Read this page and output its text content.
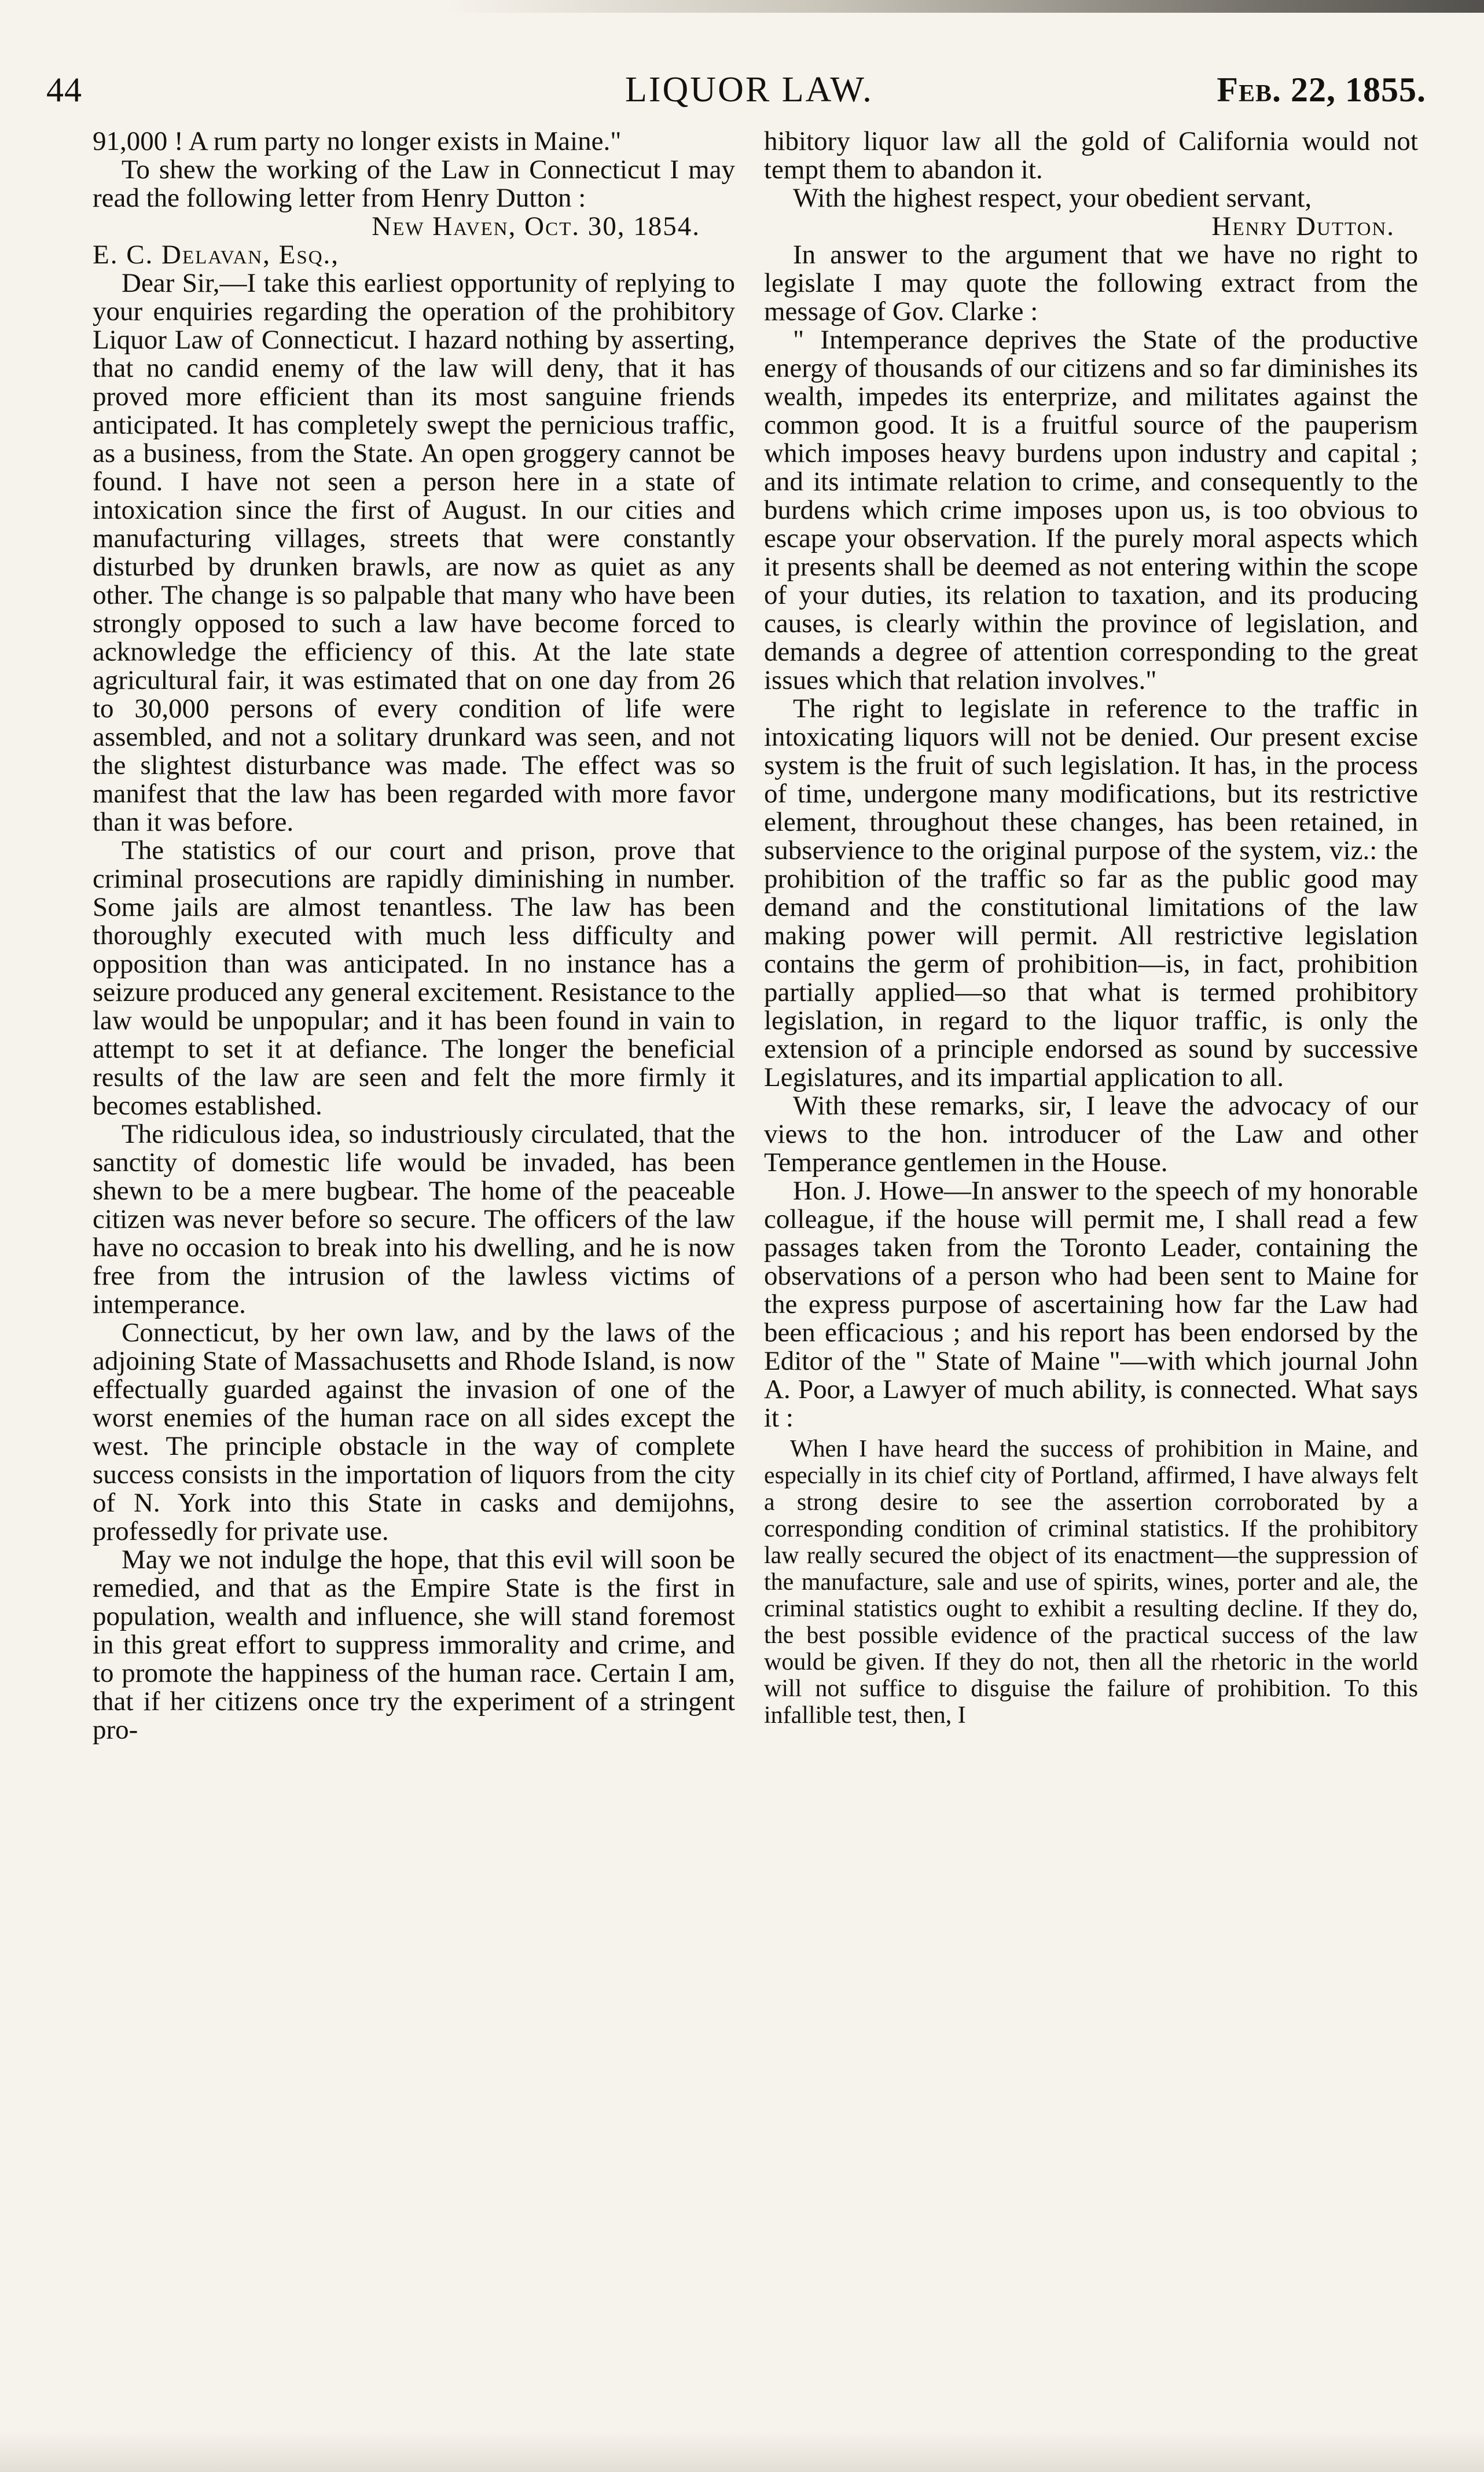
44	LIQUOR LAW.	Feb. 22, 1855.

91,000 ! A rum party no longer exists in Maine."

To shew the working of the Law in Connecticut I may read the following letter from Henry Dutton :

New Haven, Oct. 30, 1854.

E. C. Delavan, Esq.,

Dear Sir,—I take this earliest opportunity of replying to your enquiries regarding the operation of the prohibitory Liquor Law of Connecticut. I hazard nothing by asserting, that no candid enemy of the law will deny, that it has proved more efficient than its most sanguine friends anticipated. It has completely swept the pernicious traffic, as a business, from the State. An open groggery cannot be found. I have not seen a person here in a state of intoxication since the first of August. In our cities and manufacturing villages, streets that were constantly disturbed by drunken brawls, are now as quiet as any other. The change is so palpable that many who have been strongly opposed to such a law have become forced to acknowledge the efficiency of this. At the late state agricultural fair, it was estimated that on one day from 26 to 30,000 persons of every condition of life were assembled, and not a solitary drunkard was seen, and not the slightest disturbance was made. The effect was so manifest that the law has been regarded with more favor than it was before.

The statistics of our court and prison, prove that criminal prosecutions are rapidly diminishing in number. Some jails are almost tenantless. The law has been thoroughly executed with much less difficulty and opposition than was anticipated. In no instance has a seizure produced any general excitement. Resistance to the law would be unpopular; and it has been found in vain to attempt to set it at defiance. The longer the beneficial results of the law are seen and felt the more firmly it becomes established.

The ridiculous idea, so industriously circulated, that the sanctity of domestic life would be invaded, has been shewn to be a mere bugbear. The home of the peaceable citizen was never before so secure. The officers of the law have no occasion to break into his dwelling, and he is now free from the intrusion of the lawless victims of intemperance.

Connecticut, by her own law, and by the laws of the adjoining State of Massachusetts and Rhode Island, is now effectually guarded against the invasion of one of the worst enemies of the human race on all sides except the west. The principle obstacle in the way of complete success consists in the importation of liquors from the city of N. York into this State in casks and demijohns, professedly for private use.

May we not indulge the hope, that this evil will soon be remedied, and that as the Empire State is the first in population, wealth and influence, she will stand foremost in this great effort to suppress immorality and crime, and to promote the happiness of the human race. Certain I am, that if her citizens once try the experiment of a stringent pro-

hibitory liquor law all the gold of California would not tempt them to abandon it.

With the highest respect, your obedient servant,

Henry Dutton.

In answer to the argument that we have no right to legislate I may quote the following extract from the message of Gov. Clarke :

" Intemperance deprives the State of the productive energy of thousands of our citizens and so far diminishes its wealth, impedes its enterprize, and militates against the common good. It is a fruitful source of the pauperism which imposes heavy burdens upon industry and capital ; and its intimate relation to crime, and consequently to the burdens which crime imposes upon us, is too obvious to escape your observation. If the purely moral aspects which it presents shall be deemed as not entering within the scope of your duties, its relation to taxation, and its producing causes, is clearly within the province of legislation, and demands a degree of attention corresponding to the great issues which that relation involves."

The right to legislate in reference to the traffic in intoxicating liquors will not be denied. Our present excise system is the fruit of such legislation. It has, in the process of time, undergone many modifications, but its restrictive element, throughout these changes, has been retained, in subservience to the original purpose of the system, viz.: the prohibition of the traffic so far as the public good may demand and the constitutional limitations of the law making power will permit. All restrictive legislation contains the germ of prohibition—is, in fact, prohibition partially applied—so that what is termed prohibitory legislation, in regard to the liquor traffic, is only the extension of a principle endorsed as sound by successive Legislatures, and its impartial application to all.

With these remarks, sir, I leave the advocacy of our views to the hon. introducer of the Law and other Temperance gentlemen in the House.

Hon. J. Howe—In answer to the speech of my honorable colleague, if the house will permit me, I shall read a few passages taken from the Toronto Leader, containing the observations of a person who had been sent to Maine for the express purpose of ascertaining how far the Law had been efficacious ; and his report has been endorsed by the Editor of the " State of Maine "—with which journal John A. Poor, a Lawyer of much ability, is connected. What says it :

When I have heard the success of prohibition in Maine, and especially in its chief city of Portland, affirmed, I have always felt a strong desire to see the assertion corroborated by a corresponding condition of criminal statistics. If the prohibitory law really secured the object of its enactment—the suppression of the manufacture, sale and use of spirits, wines, porter and ale, the criminal statistics ought to exhibit a resulting decline. If they do, the best possible evidence of the practical success of the law would be given. If they do not, then all the rhetoric in the world will not suffice to disguise the failure of prohibition. To this infallible test, then, I
